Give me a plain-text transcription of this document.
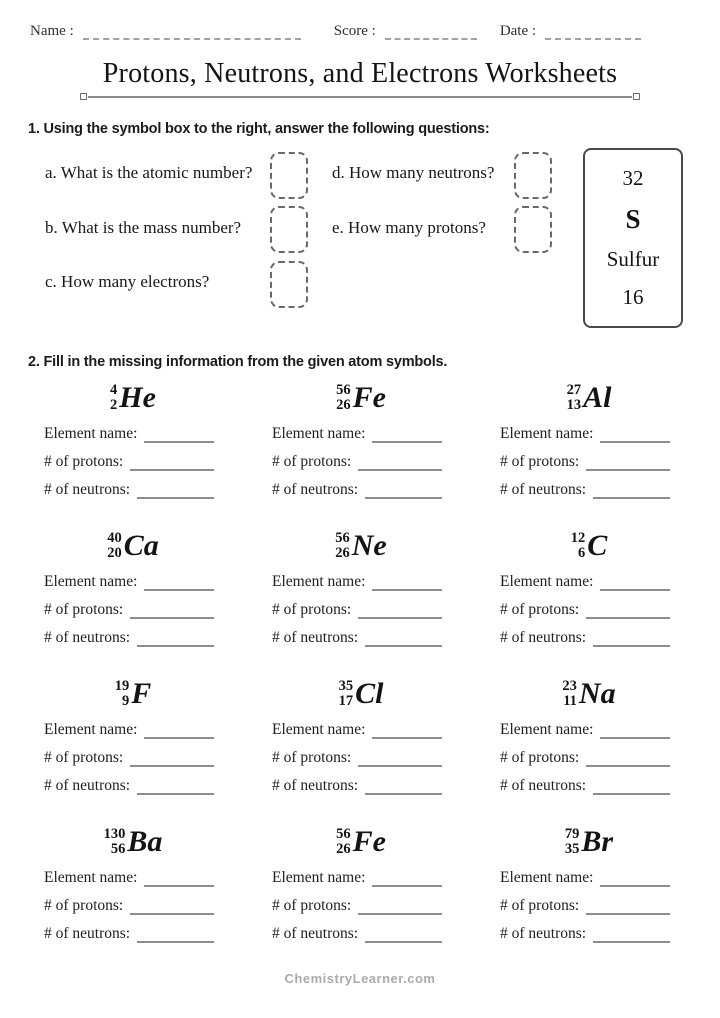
Name :	Score :	Date :
Protons, Neutrons, and Electrons Worksheets
1. Using the symbol box to the right, answer the following questions:
a. What is the atomic number?	d. How many neutrons?
b. What is the mass number?	e. How many protons?
c. How many electrons?
32
S
Sulfur
16
2. Fill in the missing information from the given atom symbols.
4
2 He
Element name:
# of protons:
# of neutrons:
56
26 Fe
Element name:
# of protons:
# of neutrons:
27
13 Al
Element name:
# of protons:
# of neutrons:
40
20 Ca
Element name:
# of protons:
# of neutrons:
56
26 Ne
Element name:
# of protons:
# of neutrons:
12
6 C
Element name:
# of protons:
# of neutrons:
19
9 F
Element name:
# of protons:
# of neutrons:
35
17 Cl
Element name:
# of protons:
# of neutrons:
23
11 Na
Element name:
# of protons:
# of neutrons:
130
56 Ba
Element name:
# of protons:
# of neutrons:
56
26 Fe
Element name:
# of protons:
# of neutrons:
79
35 Br
Element name:
# of protons:
# of neutrons:
ChemistryLearner.com
